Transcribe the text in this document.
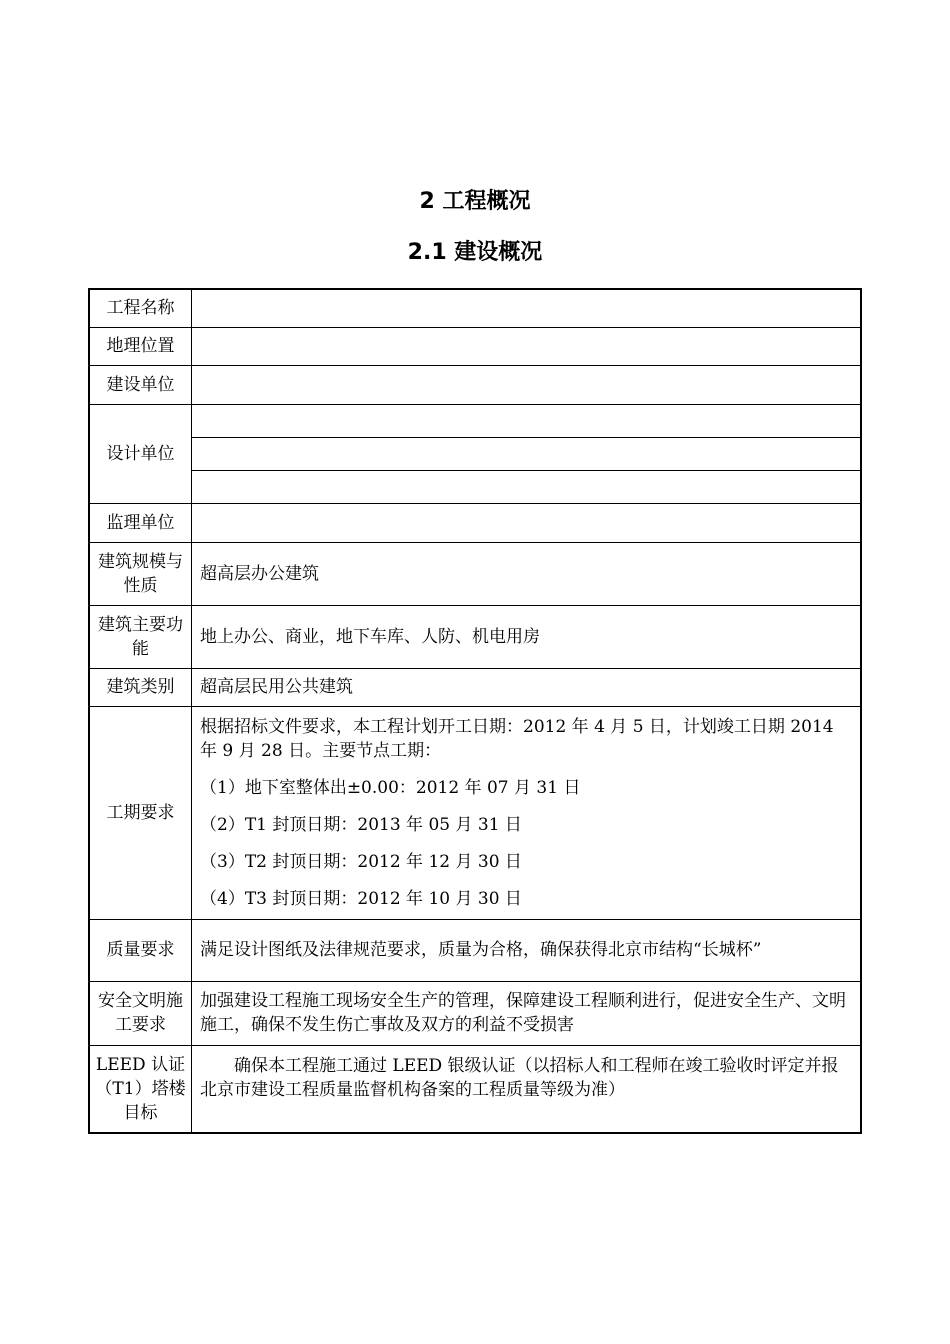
2 工程概况
2.1 建设概况
工程名称	
地理位置	
建设单位	
设计单位	

监理单位	
建筑规模与性质	超高层办公建筑
建筑主要功能	地上办公、商业，地下车库、人防、机电用房
建筑类别	超高层民用公共建筑
工期要求	根据招标文件要求，本工程计划开工日期：2012 年 4 月 5 日，计划竣工日期 2014 年 9 月 28 日。主要节点工期：
（1）地下室整体出±0.00：2012 年 07 月 31 日
（2）T1 封顶日期：2013 年 05 月 31 日
（3）T2 封顶日期：2012 年 12 月 30 日
（4）T3 封顶日期：2012 年 10 月 30 日

质量要求	满足设计图纸及法律规范要求，质量为合格，确保获得北京市结构“长城杯”
安全文明施工要求	加强建设工程施工现场安全生产的管理，保障建设工程顺利进行，促进安全生产、文明施工，确保不发生伤亡事故及双方的利益不受损害
LEED 认证（T1）塔楼目标	确保本工程施工通过 LEED 银级认证（以招标人和工程师在竣工验收时评定并报北京市建设工程质量监督机构备案的工程质量等级为准）
